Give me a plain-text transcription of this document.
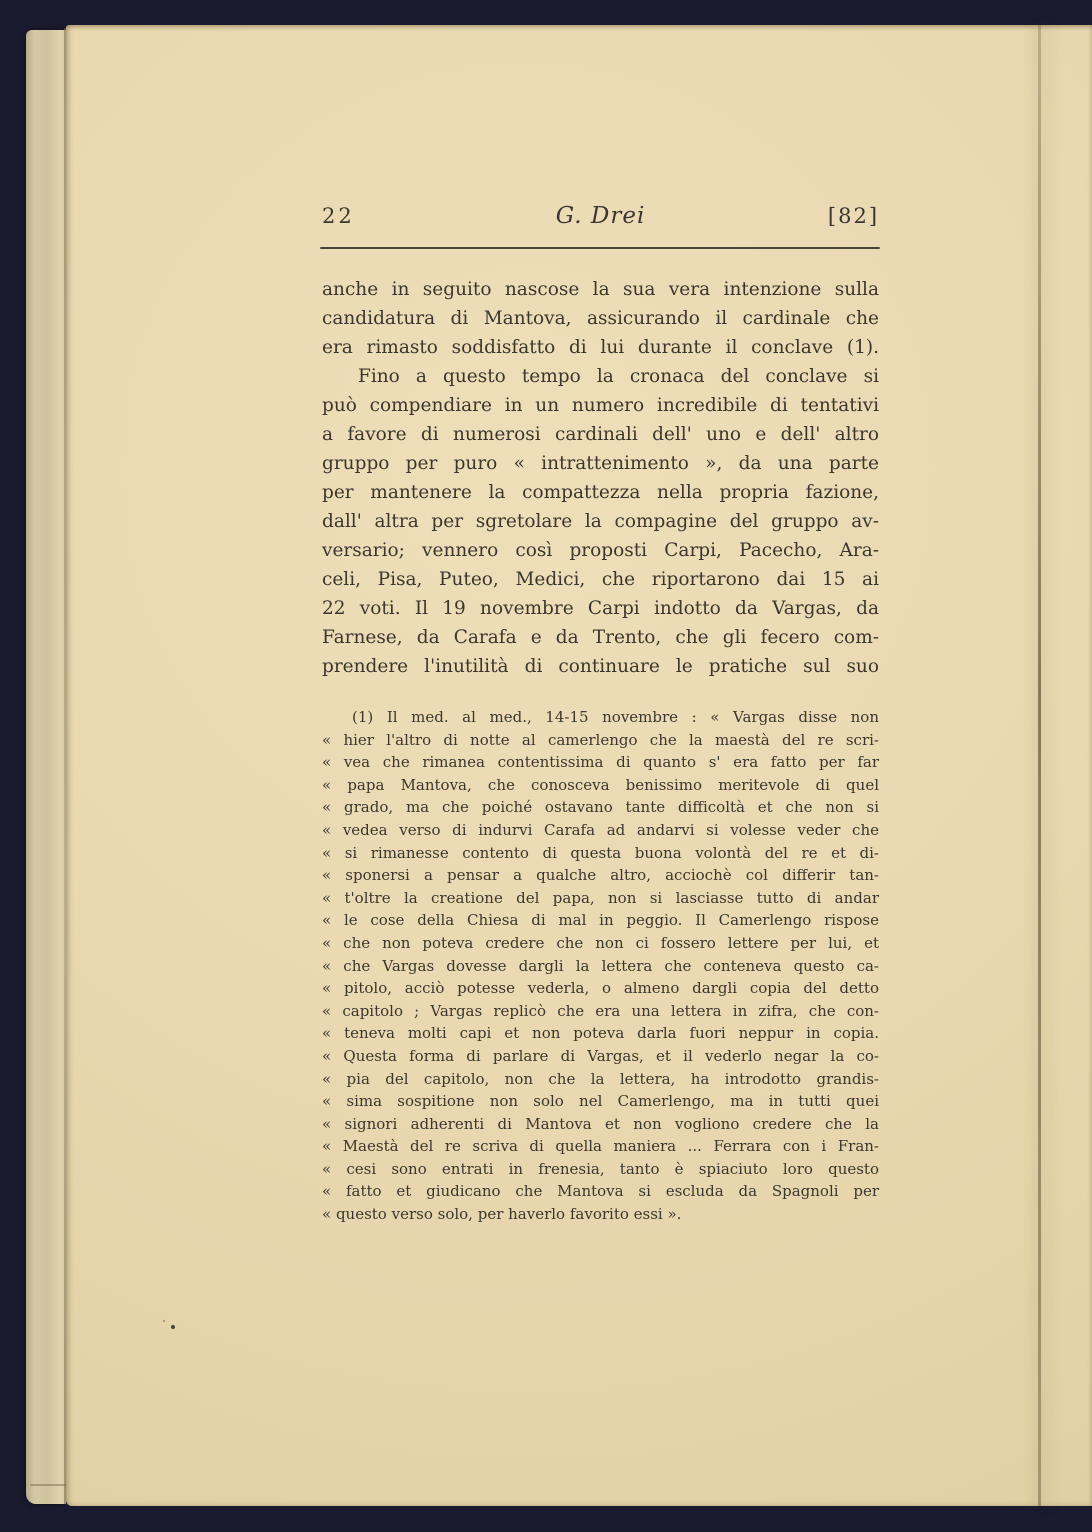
22	G. Drei	[82]
anche in seguito nascose la sua vera intenzione sulla
candidatura di Mantova, assicurando il cardinale che
era rimasto soddisfatto di lui durante il conclave (1).
Fino a questo tempo la cronaca del conclave si
può compendiare in un numero incredibile di tentativi
a favore di numerosi cardinali dell' uno e dell' altro
gruppo per puro « intrattenimento », da una parte
per mantenere la compattezza nella propria fazione,
dall' altra per sgretolare la compagine del gruppo av-
versario; vennero così proposti Carpi, Pacecho, Ara-
celi, Pisa, Puteo, Medici, che riportarono dai 15 ai
22 voti. Il 19 novembre Carpi indotto da Vargas, da
Farnese, da Carafa e da Trento, che gli fecero com-
prendere l'inutilità di continuare le pratiche sul suo
(1) Il med. al med., 14-15 novembre : « Vargas disse non
« hier l'altro di notte al camerlengo che la maestà del re scri-
« vea che rimanea contentissima di quanto s' era fatto per far
« papa Mantova, che conosceva benissimo meritevole di quel
« grado, ma che poiché ostavano tante difficoltà et che non si
« vedea verso di indurvi Carafa ad andarvi si volesse veder che
« si rimanesse contento di questa buona volontà del re et di-
« sponersi a pensar a qualche altro, acciochè col differir tan-
« t'oltre la creatione del papa, non si lasciasse tutto di andar
« le cose della Chiesa di mal in peggio. Il Camerlengo rispose
« che non poteva credere che non ci fossero lettere per lui, et
« che Vargas dovesse dargli la lettera che conteneva questo ca-
« pitolo, acciò potesse vederla, o almeno dargli copia del detto
« capitolo ; Vargas replicò che era una lettera in zifra, che con-
« teneva molti capi et non poteva darla fuori neppur in copia.
« Questa forma di parlare di Vargas, et il vederlo negar la co-
« pia del capitolo, non che la lettera, ha introdotto grandis-
« sima sospitione non solo nel Camerlengo, ma in tutti quei
« signori adherenti di Mantova et non vogliono credere che la
« Maestà del re scriva di quella maniera ... Ferrara con i Fran-
« cesi sono entrati in frenesia, tanto è spiaciuto loro questo
« fatto et giudicano che Mantova si escluda da Spagnoli per
« questo verso solo, per haverlo favorito essi ».
